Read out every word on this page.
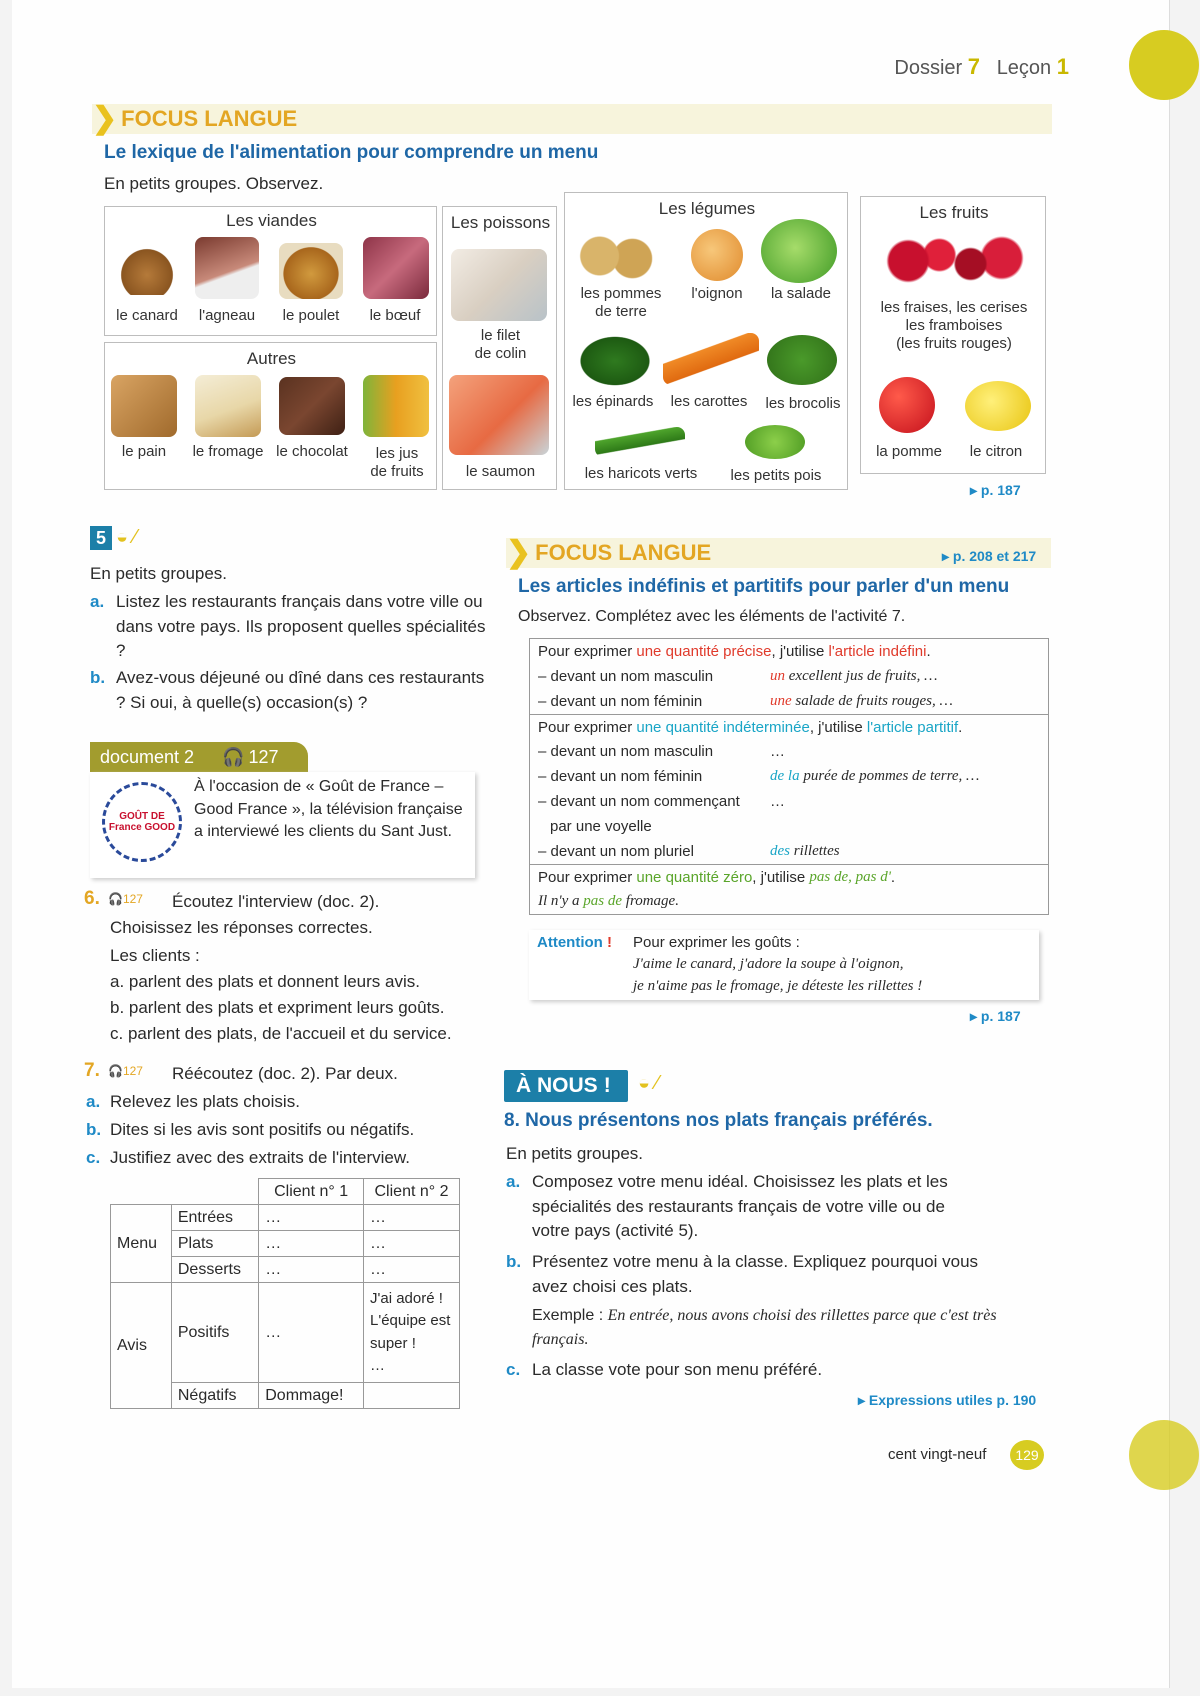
Dossier 7 Leçon 1
❯ FOCUS LANGUE
Le lexique de l'alimentation pour comprendre un menu
En petits groupes. Observez.
Les viandes
le canard	l'agneau	le poulet	le bœuf
Autres
le pain	le fromage le chocolat	les jus
de fruits
Les poissons
le filet
de colin
le saumon
Les légumes
les pommes
de terre
l'oignon	la salade
les épinards	les carottes	les brocolis
les haricots verts	les petits pois
Les fruits
les fraises, les cerises
les framboises
(les fruits rouges)
la pomme	le citron
▸ p. 187
5 ◒ ⁄
En petits groupes.
a. Listez les restaurants français dans votre ville ou dans votre pays. Ils proposent quelles spécialités ?
b. Avez-vous déjeuné ou dîné dans ces restaurants ? Si oui, à quelle(s) occasion(s) ?
document 2 🎧 127
GOÛT DE France GOOD
À l'occasion de « Goût de France – Good France », la télévision française a interviewé les clients du Sant Just.
6. 🎧127 Écoutez l'interview (doc. 2).
Choisissez les réponses correctes.
Les clients :
a. parlent des plats et donnent leurs avis.
b. parlent des plats et expriment leurs goûts.
c. parlent des plats, de l'accueil et du service.
7. 🎧127 Réécoutez (doc. 2). Par deux.
a. Relevez les plats choisis.
b. Dites si les avis sont positifs ou négatifs.
c. Justifiez avec des extraits de l'interview.
		Client n° 1	Client n° 2
Menu	Entrées	…	…
	Plats	…	…
	Desserts	…	…
Avis	Positifs	…	J'ai adoré ! L'équipe est super !
…
	Négatifs	Dommage!	
❯ FOCUS LANGUE	▸ p. 208 et 217
Les articles indéfinis et partitifs pour parler d'un menu
Observez. Complétez avec les éléments de l'activité 7.
Pour exprimer une quantité précise , j'utilise l'article indéfini .
– devant un nom masculin	un excellent jus de fruits, …
– devant un nom féminin	une salade de fruits rouges, …
Pour exprimer une quantité indéterminée , j'utilise l'article partitif .
– devant un nom masculin	…
– devant un nom féminin	de la purée de pommes de terre, …
– devant un nom commençant …
par une voyelle
– devant un nom pluriel	des rillettes
Pour exprimer une quantité zéro , j'utilise pas de, pas d' .
Il n'y a pas de fromage.
Attention ! Pour exprimer les goûts :
J'aime le canard, j'adore la soupe à l'oignon,
je n'aime pas le fromage, je déteste les rillettes !
▸ p. 187
À NOUS ! ◒ ⁄
8. Nous présentons nos plats français préférés.
En petits groupes.
a. Composez votre menu idéal. Choisissez les plats et les spécialités des restaurants français de votre ville ou de votre pays (activité 5).
b. Présentez votre menu à la classe. Expliquez pourquoi vous avez choisi ces plats.
Exemple : En entrée, nous avons choisi des rillettes parce que c'est très français.
c. La classe vote pour son menu préféré.
▸ Expressions utiles p. 190
cent vingt-neuf	129
